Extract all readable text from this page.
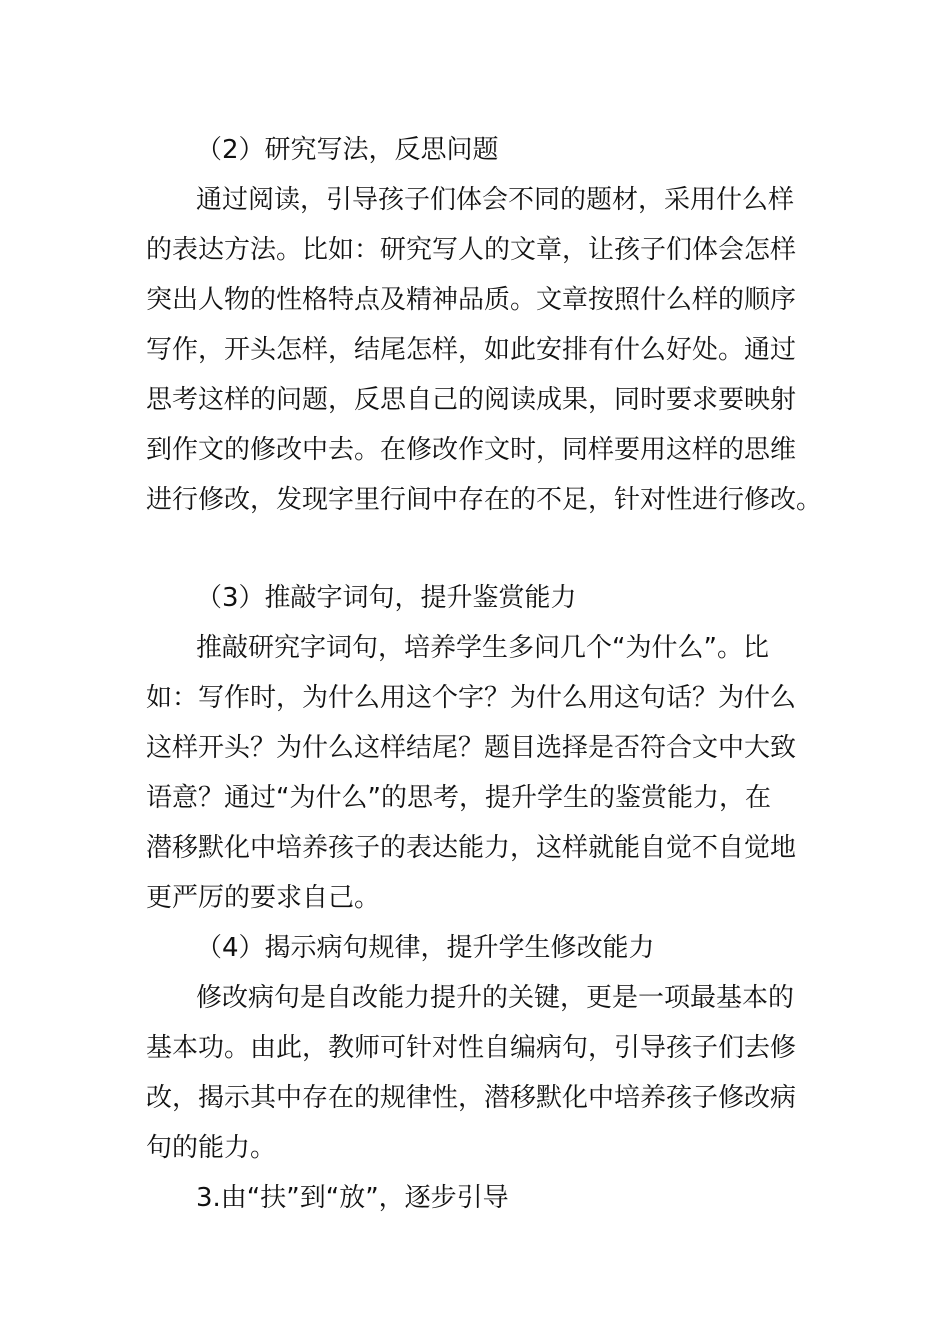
（2）研究写法，反思问题
通过阅读，引导孩子们体会不同的题材，采用什么样
的表达方法。比如：研究写人的文章，让孩子们体会怎样
突出人物的性格特点及精神品质。文章按照什么样的顺序
写作，开头怎样，结尾怎样，如此安排有什么好处。通过
思考这样的问题，反思自己的阅读成果，同时要求要映射
到作文的修改中去。在修改作文时，同样要用这样的思维
进行修改，发现字里行间中存在的不足，针对性进行修改。
（3）推敲字词句，提升鉴赏能力
推敲研究字词句，培养学生多问几个“为什么”。比
如：写作时，为什么用这个字？为什么用这句话？为什么
这样开头？为什么这样结尾？题目选择是否符合文中大致
语意？通过“为什么”的思考，提升学生的鉴赏能力，在
潜移默化中培养孩子的表达能力，这样就能自觉不自觉地
更严厉的要求自己。
（4）揭示病句规律，提升学生修改能力
修改病句是自改能力提升的关键，更是一项最基本的
基本功。由此，教师可针对性自编病句，引导孩子们去修
改，揭示其中存在的规律性，潜移默化中培养孩子修改病
句的能力。
3.由“扶”到“放”，逐步引导
